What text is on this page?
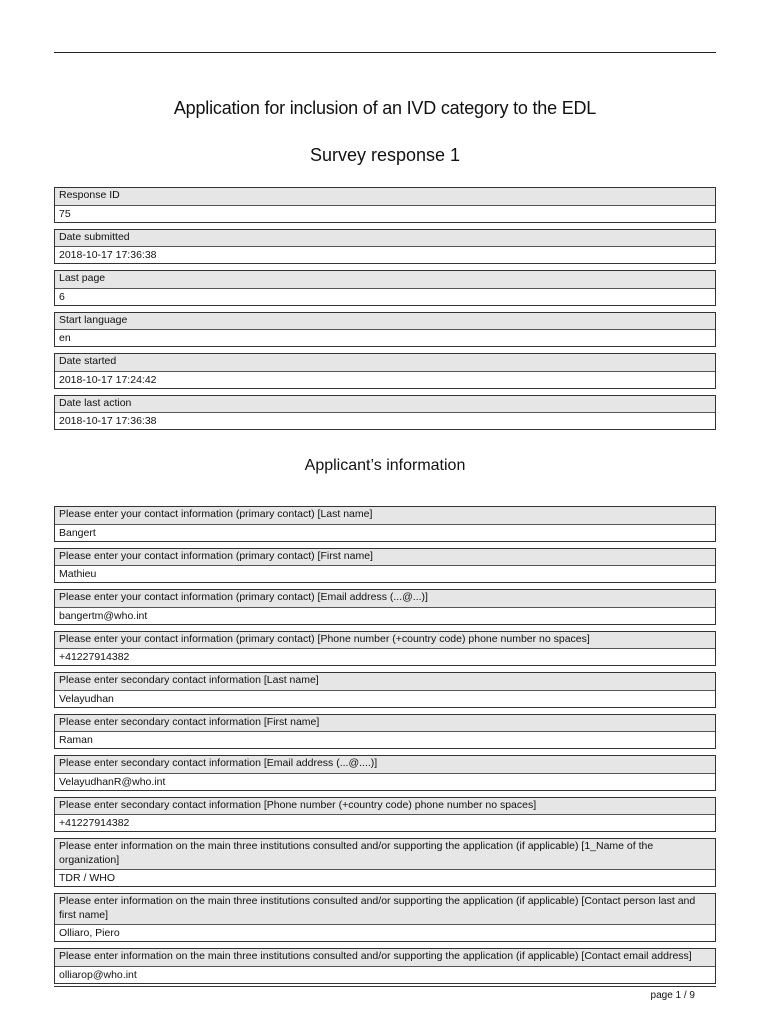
Application for inclusion of an IVD category to the EDL
Survey response 1
Response ID
75
Date submitted
2018-10-17 17:36:38
Last page
6
Start language
en
Date started
2018-10-17 17:24:42
Date last action
2018-10-17 17:36:38
Applicant’s information
Please enter your contact information (primary contact) [Last name]
Bangert
Please enter your contact information (primary contact) [First name]
Mathieu
Please enter your contact information (primary contact) [Email address (...@...)]
bangertm@who.int
Please enter your contact information (primary contact) [Phone number (+country code) phone number no spaces]
+41227914382
Please enter secondary contact information [Last name]
Velayudhan
Please enter secondary contact information [First name]
Raman
Please enter secondary contact information [Email address (...@....)]
VelayudhanR@who.int
Please enter secondary contact information [Phone number (+country code) phone number no spaces]
+41227914382
Please enter information on the main three institutions consulted and/or supporting the application (if applicable) [1_Name of the organization]
TDR / WHO
Please enter information on the main three institutions consulted and/or supporting the application (if applicable) [Contact person last and first name]
Olliaro, Piero
Please enter information on the main three institutions consulted and/or supporting the application (if applicable) [Contact email address]
olliarop@who.int
page 1 / 9
